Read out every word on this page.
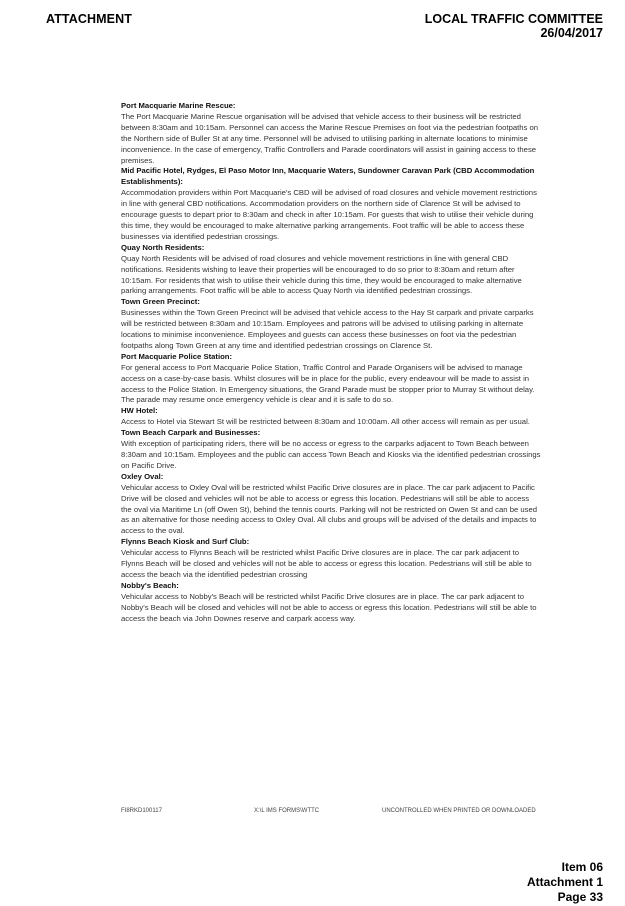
ATTACHMENT	LOCAL TRAFFIC COMMITTEE
26/04/2017
Port Macquarie Marine Rescue:

The Port Macquarie Marine Rescue organisation will be advised that vehicle access to their business will be restricted between 8:30am and 10:15am. Personnel can access the Marine Rescue Premises on foot via the pedestrian footpaths on the Northern side of Buller St at any time. Personnel will be advised to utilising parking in alternate locations to minimise inconvenience. In the case of emergency, Traffic Controllers and Parade coordinators will assist in gaining access to these premises.

Mid Pacific Hotel, Rydges, El Paso Motor Inn, Macquarie Waters, Sundowner Caravan Park (CBD Accommodation Establishments):

Accommodation providers within Port Macquarie's CBD will be advised of road closures and vehicle movement restrictions in line with general CBD notifications. Accommodation providers on the northern side of Clarence St will be advised to encourage guests to depart prior to 8:30am and check in after 10:15am. For guests that wish to utilise their vehicle during this time, they would be encouraged to make alternative parking arrangements. Foot traffic will be able to access these businesses via identified pedestrian crossings.

Quay North Residents:

Quay North Residents will be advised of road closures and vehicle movement restrictions in line with general CBD notifications. Residents wishing to leave their properties will be encouraged to do so prior to 8:30am and return after 10:15am. For residents that wish to utilise their vehicle during this time, they would be encouraged to make alternative parking arrangements. Foot traffic will be able to access Quay North via identified pedestrian crossings.

Town Green Precinct:

Businesses within the Town Green Precinct will be advised that vehicle access to the Hay St carpark and private carparks will be restricted between 8:30am and 10:15am. Employees and patrons will be advised to utilising parking in alternate locations to minimise inconvenience. Employees and guests can access these businesses on foot via the pedestrian footpaths along Town Green at any time and identified pedestrian crossings on Clarence St.

Port Macquarie Police Station:

For general access to Port Macquarie Police Station, Traffic Control and Parade Organisers will be advised to manage access on a case-by-case basis. Whilst closures will be in place for the public, every endeavour will be made to assist in access to the Police Station. In Emergency situations, the Grand Parade must be stopper prior to Murray St without delay. The parade may resume once emergency vehicle is clear and it is safe to do so.

HW Hotel:

Access to Hotel via Stewart St will be restricted between 8:30am and 10:00am. All other access will remain as per usual.

Town Beach Carpark and Businesses:

With exception of participating riders, there will be no access or egress to the carparks adjacent to Town Beach between 8:30am and 10:15am. Employees and the public can access Town Beach and Kiosks via the identified pedestrian crossings on Pacific Drive.

Oxley Oval:

Vehicular access to Oxley Oval will be restricted whilst Pacific Drive closures are in place. The car park adjacent to Pacific Drive will be closed and vehicles will not be able to access or egress this location. Pedestrians will still be able to access the oval via Maritime Ln (off Owen St), behind the tennis courts. Parking will not be restricted on Owen St and can be used as an alternative for those needing access to Oxley Oval. All clubs and groups will be advised of the details and impacts to access to the oval.

Flynns Beach Kiosk and Surf Club:

Vehicular access to Flynns Beach will be restricted whilst Pacific Drive closures are in place. The car park adjacent to Flynns Beach will be closed and vehicles will not be able to access or egress this location. Pedestrians will still be able to access the beach via the identified pedestrian crossing

Nobby's Beach:

Vehicular access to Nobby's Beach will be restricted whilst Pacific Drive closures are in place. The car park adjacent to Nobby's Beach will be closed and vehicles will not be able to access or egress this location. Pedestrians will still be able to access the beach via John Downes reserve and carpark access way.

FI8RKD100117	X:\L IMS FORMS\WTTC	UNCONTROLLED WHEN PRINTED OR DOWNLOADED
Item 06
Attachment 1
Page 33
